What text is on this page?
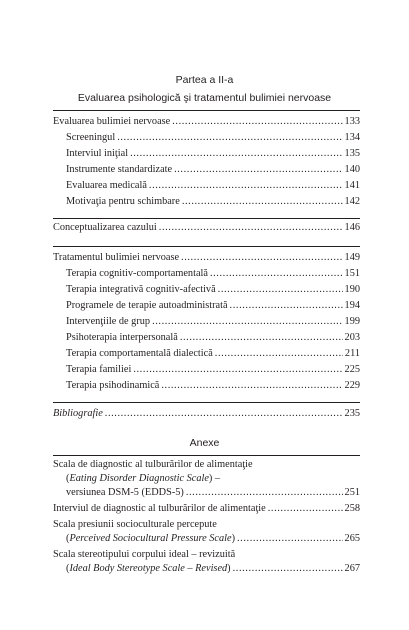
Partea a II-a
Evaluarea psihologică şi tratamentul bulimiei nervoase
Evaluarea bulimiei nervoase .....	133
Screeningul .....	134
Interviul iniţial .....	135
Instrumente standardizate .....	140
Evaluarea medicală .....	141
Motivaţia pentru schimbare .....	142
Conceptualizarea cazului .....	146
Tratamentul bulimiei nervoase .....	149
Terapia cognitiv-comportamentală .....	151
Terapia integrativă cognitiv-afectivă .....	190
Programele de terapie autoadministrată .....	194
Intervenţiile de grup .....	199
Psihoterapia interpersonală .....	203
Terapia comportamentală dialectică .....	211
Terapia familiei .....	225
Terapia psihodinamică .....	229
Bibliografie .....	235
Anexe
Scala de diagnostic al tulburărilor de alimentaţie
(Eating Disorder Diagnostic Scale) –
versiunea DSM-5 (EDDS-5) .....	251
Interviul de diagnostic al tulburărilor de alimentaţie .....	258
Scala presiunii socioculturale percepute
(Perceived Sociocultural Pressure Scale) .....	265
Scala stereotipului corpului ideal – revizuită
(Ideal Body Stereotype Scale – Revised) .....	267
